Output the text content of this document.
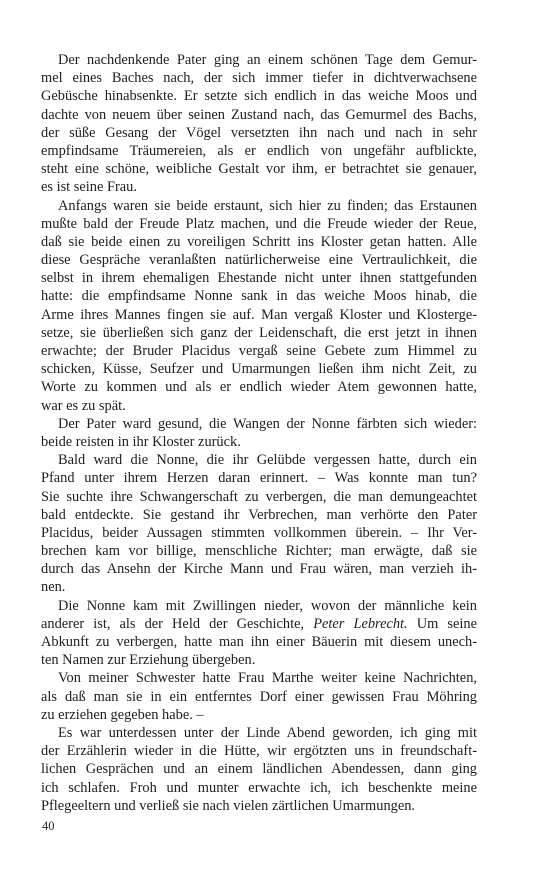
Der nachdenkende Pater ging an einem schönen Tage dem Gemur-
mel eines Baches nach, der sich immer tiefer in dichtverwachsene
Gebüsche hinabsenkte. Er setzte sich endlich in das weiche Moos und
dachte von neuem über seinen Zustand nach, das Gemurmel des Bachs,
der süße Gesang der Vögel versetzten ihn nach und nach in sehr
empfindsame Träumereien, als er endlich von ungefähr aufblickte,
steht eine schöne, weibliche Gestalt vor ihm, er betrachtet sie genauer,
es ist seine Frau.
Anfangs waren sie beide erstaunt, sich hier zu finden; das Erstaunen
mußte bald der Freude Platz machen, und die Freude wieder der Reue,
daß sie beide einen zu voreiligen Schritt ins Kloster getan hatten. Alle
diese Gespräche veranlaßten natürlicherweise eine Vertraulichkeit, die
selbst in ihrem ehemaligen Ehestande nicht unter ihnen stattgefunden
hatte: die empfindsame Nonne sank in das weiche Moos hinab, die
Arme ihres Mannes fingen sie auf. Man vergaß Kloster und Klosterge-
setze, sie überließen sich ganz der Leidenschaft, die erst jetzt in ihnen
erwachte; der Bruder Placidus vergaß seine Gebete zum Himmel zu
schicken, Küsse, Seufzer und Umarmungen ließen ihm nicht Zeit, zu
Worte zu kommen und als er endlich wieder Atem gewonnen hatte,
war es zu spät.
Der Pater ward gesund, die Wangen der Nonne färbten sich wieder:
beide reisten in ihr Kloster zurück.
Bald ward die Nonne, die ihr Gelübde vergessen hatte, durch ein
Pfand unter ihrem Herzen daran erinnert. – Was konnte man tun?
Sie suchte ihre Schwangerschaft zu verbergen, die man demungeachtet
bald entdeckte. Sie gestand ihr Verbrechen, man verhörte den Pater
Placidus, beider Aussagen stimmten vollkommen überein. – Ihr Ver-
brechen kam vor billige, menschliche Richter; man erwägte, daß sie
durch das Ansehn der Kirche Mann und Frau wären, man verzieh ih-
nen.
Die Nonne kam mit Zwillingen nieder, wovon der männliche kein
anderer ist, als der Held der Geschichte, Peter Lebrecht. Um seine
Abkunft zu verbergen, hatte man ihn einer Bäuerin mit diesem unech-
ten Namen zur Erziehung übergeben.
Von meiner Schwester hatte Frau Marthe weiter keine Nachrichten,
als daß man sie in ein entferntes Dorf einer gewissen Frau Möhring
zu erziehen gegeben habe. –
Es war unterdessen unter der Linde Abend geworden, ich ging mit
der Erzählerin wieder in die Hütte, wir ergötzten uns in freundschaft-
lichen Gesprächen und an einem ländlichen Abendessen, dann ging
ich schlafen. Froh und munter erwachte ich, ich beschenkte meine
Pflegeeltern und verließ sie nach vielen zärtlichen Umarmungen.
40
